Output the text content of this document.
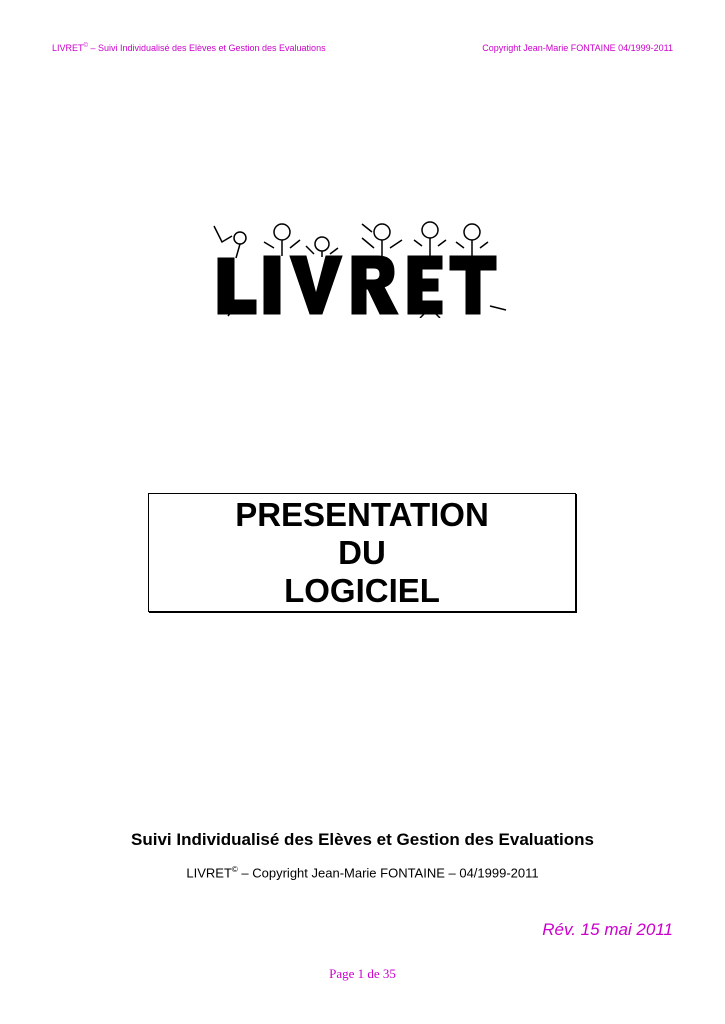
LIVRET© – Suivi Individualisé des Elèves et Gestion des Evaluations	Copyright Jean-Marie FONTAINE 04/1999-2011
PRESENTATION
DU
LOGICIEL
Suivi Individualisé des Elèves et Gestion des Evaluations
LIVRET© – Copyright Jean-Marie FONTAINE – 04/1999-2011
Rév. 15 mai 2011
Page 1 de 35
